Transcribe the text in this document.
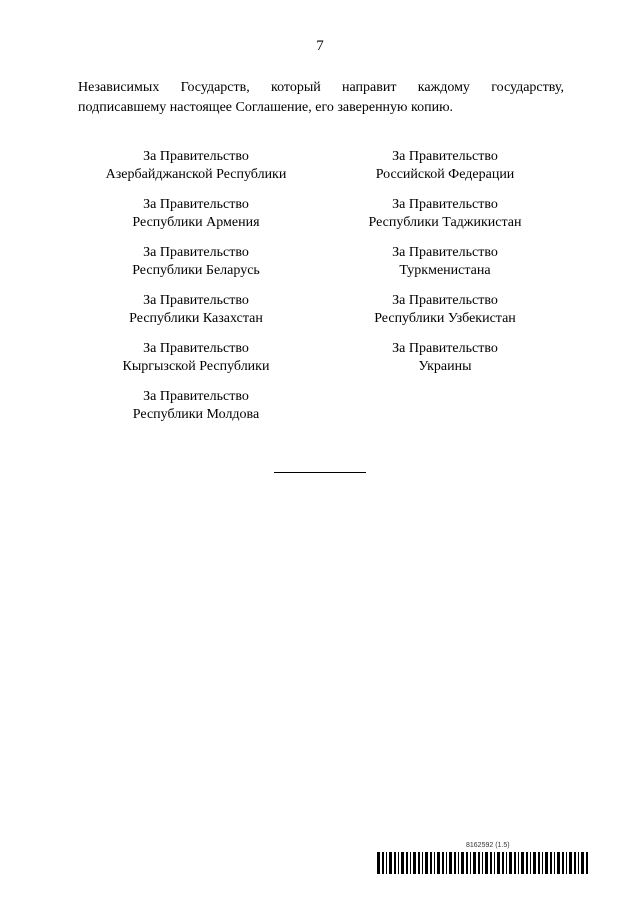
7

Независимых Государств, который направит каждому государству, подписавшему настоящее Соглашение, его заверенную копию.

За Правительство
Азербайджанской Республики
За Правительство
Республики Армения
За Правительство
Республики Беларусь
За Правительство
Республики Казахстан
За Правительство
Кыргызской Республики
За Правительство
Республики Молдова
За Правительство
Российской Федерации
За Правительство
Республики Таджикистан
За Правительство
Туркменистана
За Правительство
Республики Узбекистан
За Правительство
Украины
8162592 (1.5)
